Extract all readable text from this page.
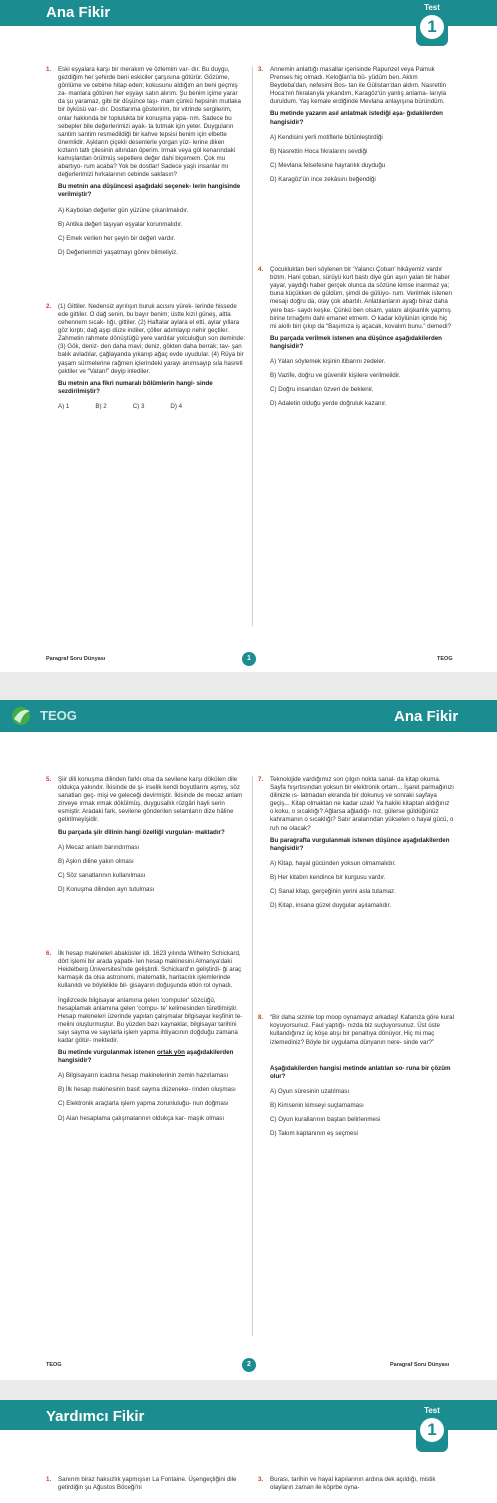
Ana Fikir	Test
1
1. Eski eşyalara karşı bir merakım ve özlemim var- dır. Bu duygu, gezdiğim her şehirde beni eskiciler çarşısına götürür. Gözüme, gönlüme ve cebime hitap eden; kokusunu aldığım an beni geçmiş za- manlara götüren her eşyayı satın alırım. Şu benim içime yarar da şu yaramaz, gibi bir düşünce taşı- mam çünkü hepsinin mutlaka bir öyküsü var- dır. Dostlarıma gösteririm, bir vitrinde sergilerim, onlar hakkında bir topluluktа bir konuşma yapa- rım. Sadece bu sebepler bile değerlerimizi ayak- ta tutmak için yeter. Duyguların santim santim resmedildiği bir kahve tepsisi benim için elbette önemlidir. Aşkların çiçekli desenlerle yorgan yüz- lerine diken kızların tatlı çilesinin altından öperim. Irmak veya göl kenarındaki kamışlardan örülmüş sepetlere değer dahi biçemem. Çok mu abartıyo- rum acaba? Yok be dostlar! Sadece yaşlı insanlar mı değerlerimizi hırkalarının cebinde saklasın?
Bu metnin ana düşüncesi aşağıdaki seçenek- lerin hangisinde verilmiştir?
A) Kaybolan değerler gün yüzüne çıkarılmalıdır.
B) Antika değeri taşıyan eşyalar korunmalıdır.
C) Emek verilen her şeyin bir değeri vardır.
D) Değerlerimizi yaşatmayı görev bilmeliyiz.
2. (1) Gittiler. Nedensiz ayrılışın buruk acısını yürek- lerinde hissede ede gittiler. O dağ senin, bu bayır benim; üstte kızıl güneş, altta cehennem sıcak- lığı, gittiler. (2) Haftalar aylara el etti, aylar yıllara göz kırptı; dağ aşıp düze indiler, çöller adımlayıp nehir geçtiler. Zahmetin rahmete dönüştüğü yere vardılar yolculuğun son deminde: (3) Gök, deniz- den daha mavi; deniz, gökten daha berrak; tav- şan balık avladılar, çağlayanda yıkanıp ağaç evde uyudular. (4) Rüya bir yaşam sürmelerine rağmen içlerindeki yarayı anımsayıp sıla hasreti çektiler ve “Vatan!” deyip inlediler.
Bu metnin ana fikri numaralı bölümlerin hangi- sinde sezdirilmiştir?
A) 1	B) 2	C) 3	D) 4
3. Annemin anlattığı masallar içerisinde Rapunzel veya Pamuk Prenses hiç olmadı. Keloğlan'la bü- yüdüm ben. Aklım Beydeba'dan, nefesimi Bos- tan ile Gülistan'dan aldım. Nasrettin Hoca'nın fıkralarıyla yıkandım, Karagöz'ün yanlış anlama- larıyla duruldum. Yaş kemale erdiğinde Mevlana anlayışına büründüm.
Bu metinde yazarın asıl anlatmak istediği aşa- ğıdakilerden hangisidir?
A) Kendisini yerli motiflerle bütünleştirdiği
B) Nasrettin Hoca fıkralarını sevdiği
C) Mevlana felsefesine hayranlık duyduğu
D) Karagöz'ün ince zekâsını beğendiği
4. Çocukluktan beri söylenen bir 'Yalancı Çoban' hikâyemiz vardır bizim. Hani çoban, sürüyü kurt bastı diye gün aşırı yalan bir haber yayar, yaydığı haber gerçek olunca da sözüne kimse inanmaz ya; buna küçükken de güldüm, şimdi de gülüyo- rum. Verilmek istenen mesajı doğru da, olay çok abartılı. Anlatılanların ayağı biraz daha yere bas- saydı keşke. Çünkü ben olsam, yalanı alışkanlık yapmış birine tırnağımı dahi emanet etmem. O kadar köylünün içinde hiç mi akıllı biri çıkıp da “Başımıza iş açacak, kovalım bunu.” demedi?
Bu parçada verilmek istenen ana düşünce aşağıdakilerden hangisidir?
A) Yalan söylemek kişinin itibarını zedeler.
B) Vazife, doğru ve güvenilir kişilere verilmelidir.
C) Doğru insandan özveri de beklenir.
D) Adaletin olduğu yerde doğruluk kazanır.
Paragraf Soru Dünyası	1	TEOG
TEOG	Ana Fikir
5. Şiir dili konuşma dilinden farklı olsa da sevilene karşı dökülen dile oldukça yakındır. İkisinde de şi- irselik kendi boyutlarını aşmış, söz sanatları geç- mişi ve geleceği devirmiştir. İkisinde de mecaz anlam zirveye ırmak ırmak dökülmüş, duygusallık rüzgâri hayli serin esmiştir. Aradaki fark, sevilene gönderilen selamların dize hâline getirilmeyişidir.
Bu parçada şiir dilinin hangi özelliği vurgulan- maktadır?
A) Mecaz anlam barındırması
B) Aşkın diline yakın olması
C) Söz sanatlarının kullanılması
D) Konuşma dilinden ayrı tutulması
6. İlk hesap makineleri abaküsler idi. 1623 yılında Wilhelm Schickard, dört işlemi bir arada yapabi- len hesap makinesini Almanya'daki Heidelberg Üniversitesi'nde geliştirdi. Schickard'ın geliştirdi- ği araç karmaşık da olsa astronomi, matematik, haritacılık işlemlerinde kullanıldı ve böylelikle bil- gisayarın doğuşunda etkin rol oynadı.
İngilizcede bilgisayar anlamına gelen 'computer' sözcüğü, hesaplamak anlamına gelen 'compu- te' kelimesinden türetilmiştir. Hesap makineleri üzerinde yapılan çalışmalar bilgisayar keşfinin te- melini oluşturmuştur. Bu yüzden bazı kaynaklar, bilgisayar tarihini sayı sayma ve sayılarla işlem yapma ihtiyacının doğduğu zamana kadar götür- mektedir.
Bu metinde vurgulanmak istenen ortak yön aşağıdakilerden hangisidir?
A) Bilgisayarın icadına hesap makinelerinin zemin hazırlaması
B) İlk hesap makinesinin basit sayma düzeneke- rinden oluşması
C) Elektronik araçlarla işlem yapma zorunluluğu- nun doğması
D) Alan hesaplama çalışmalarının oldukça kar- maşık olması
7. Teknolojide vardığımız son çılgın nokta sanal- da kitap okuma. Sayfa hışırtısından yoksun bir elektronik ortam... İşaret parmağınızı dilinizle ıs- latmadan ekranda bir dokunuş ve sonraki sayfaya geçiş... Kitap olmaktan ne kadar uzak! Ya hakiki kitaptan aldığınız o koku, o sıcaklığı? Ağlarsa ağladığı- nız, gülerse güldüğünüz kahramanın o sıcaklığı? Satır aralarından yükselen o hayal gücü, o ruh ne olacak?
Bu paragrafta vurgulanmak istenen düşünce aşağıdakilerden hangisidir?
A) Kitap, hayal gücünden yoksun olmamalıdır.
B) Her kitabın kendince bir kurgusu vardır.
C) Sanal kitap, gerçeğinin yerini asla tutamaz.
D) Kitap, insana güzel duygular aşılamalıdır.
8. “Bir daha sizinle top moop oynamayız arkadaş! Kafanıza göre kural koyuyorsunuz. Faul yaptığı- nızda biz suçluyorsunuz. Üst üste kullandığınız üç köşe atışı bir penaltıya dönüyor. Hiç mi maç izlemediniz? Böyle bir uygulama dünyanın nere- sinde var?”
Aşağıdakilerden hangisi metinde anlatılan so- runa bir çözüm olur?
A) Oyun süresinin uzatılması
B) Kimsenin kimseyi suçlamaması
C) Oyun kurallarının baştan belirlenmesi
D) Takım kaptanının eş seçmesi
TEOG	2	Paragraf Soru Dünyası
Yardımcı Fikir	Test
1
1. Sanırım biraz haksızlık yapmışsın La Fontaine. Üşengeçliğini dile getirdiğin şu Ağustos Böceği'ni
3. Burası, tarihin ve hayal kapılarının ardına dek açıldığı, mistik olayların zaman ile köprbe oyna-
